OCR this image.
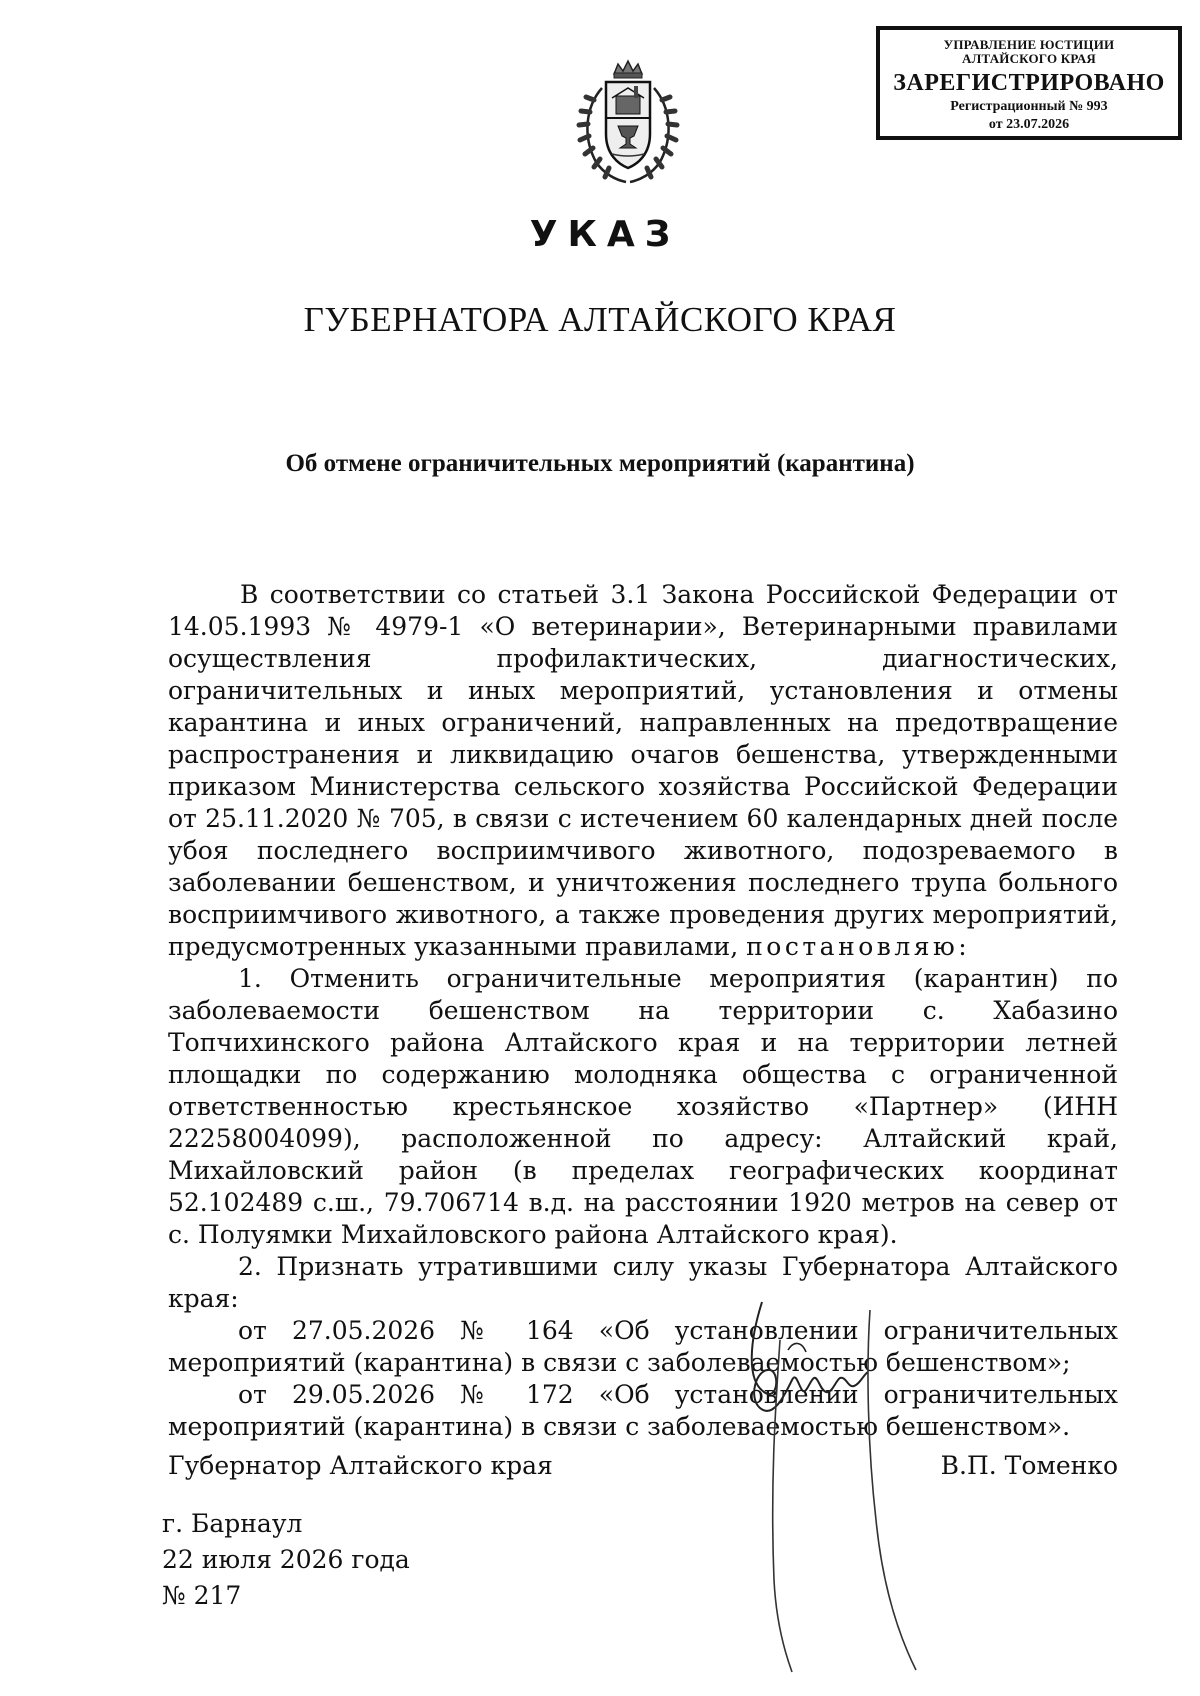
УПРАВЛЕНИЕ ЮСТИЦИИ
АЛТАЙСКОГО КРАЯ
ЗАРЕГИСТРИРОВАНО
Регистрационный № 993
от 23.07.2026
УКАЗ
ГУБЕРНАТОРА АЛТАЙСКОГО КРАЯ
Об отмене ограничительных мероприятий (карантина)

В соответствии со статьей 3.1 Закона Российской Федерации от 14.05.1993 № 4979-1 «О ветеринарии», Ветеринарными правилами осуществления профилактических, диагностических, ограничительных и иных мероприятий, установления и отмены карантина и иных ограничений, направленных на предотвращение распространения и ликвидацию очагов бешенства, утвержденными приказом Министерства сельского хозяйства Российской Федерации от 25.11.2020 № 705, в связи с истечением 60 календарных дней после убоя последнего восприимчивого животного, подозреваемого в заболевании бешенством, и уничтожения последнего трупа больного восприимчивого животного, а также проведения других мероприятий, предусмотренных указанными правилами, постановляю:

1. Отменить ограничительные мероприятия (карантин) по заболеваемости бешенством на территории с. Хабазино Топчихинского района Алтайского края и на территории летней площадки по содержанию молодняка общества с ограниченной ответственностью крестьянское хозяйство «Партнер» (ИНН 22258004099), расположенной по адресу: Алтайский край, Михайловский район (в пределах географических координат 52.102489 с.ш., 79.706714 в.д. на расстоянии 1920 метров на север от с. Полуямки Михайловского района Алтайского края).

2. Признать утратившими силу указы Губернатора Алтайского края:

от 27.05.2026 № 164 «Об установлении ограничительных мероприятий (карантина) в связи с заболеваемостью бешенством»;

от 29.05.2026 № 172 «Об установлении ограничительных мероприятий (карантина) в связи с заболеваемостью бешенством».

Губернатор Алтайского края	В.П. Томенко
г. Барнаул
22 июля 2026 года
№ 217
